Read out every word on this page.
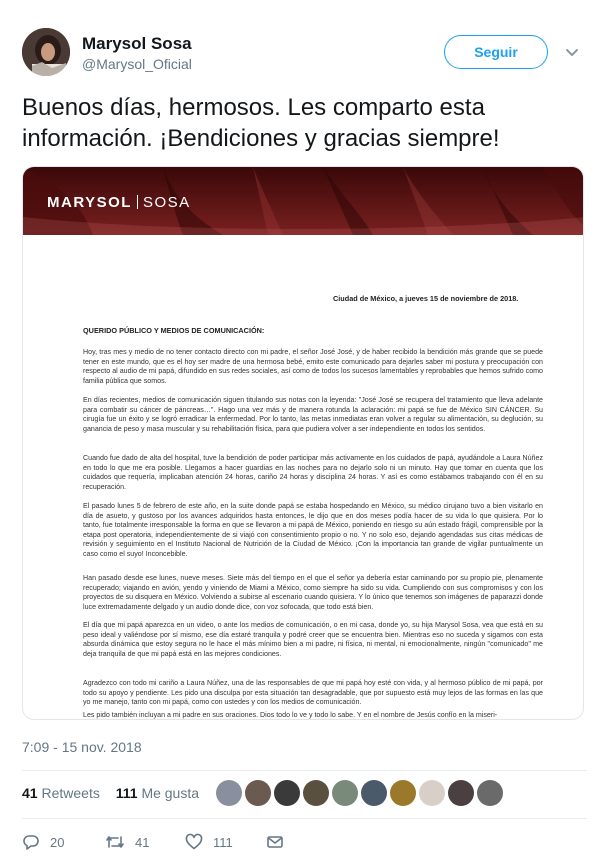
Marysol Sosa
@Marysol_Oficial
Seguir
Buenos días, hermosos. Les comparto esta información. ¡Bendiciones y gracias siempre!
MARYSOL SOSA
Ciudad de México, a jueves 15 de noviembre de 2018.
QUERIDO PÚBLICO Y MEDIOS DE COMUNICACIÓN:
Hoy, tras mes y medio de no tener contacto directo con mi padre, el señor José José, y de haber recibido la bendición más grande que se puede tener en este mundo, que es el hoy ser madre de una hermosa bebé, emito este comunicado para dejarles saber mi postura y preocupación con respecto al audio de mi papá, difundido en sus redes sociales, así como de todos los sucesos lamentables y reprobables que hemos sufrido como familia pública que somos.
En días recientes, medios de comunicación siguen titulando sus notas con la leyenda: "José José se recupera del tratamiento que lleva adelante para combatir su cáncer de páncreas…". Hago una vez más y de manera rotunda la aclaración: mi papá se fue de México SIN CÁNCER. Su cirugía fue un éxito y se logró erradicar la enfermedad. Por lo tanto, las metas inmediatas eran volver a regular su alimentación, su deglución, su ganancia de peso y masa muscular y su rehabilitación física, para que pudiera volver a ser independiente en todos los sentidos.
Cuando fue dado de alta del hospital, tuve la bendición de poder participar más activamente en los cuidados de papá, ayudándole a Laura Núñez en todo lo que me era posible. Llegamos a hacer guardias en las noches para no dejarlo solo ni un minuto. Hay que tomar en cuenta que los cuidados que requería, implicaban atención 24 horas, cariño 24 horas y disciplina 24 horas. Y así es como estábamos trabajando con él en su recuperación.
El pasado lunes 5 de febrero de este año, en la suite donde papá se estaba hospedando en México, su médico cirujano tuvo a bien visitarlo en día de asueto, y gustoso por los avances adquiridos hasta entonces, le dijo que en dos meses podía hacer de su vida lo que quisiera. Por lo tanto, fue totalmente irresponsable la forma en que se llevaron a mi papá de México, poniendo en riesgo su aún estado frágil, comprensible por la etapa post operatoria, independientemente de si viajó con consentimiento propio o no. Y no solo eso, dejando agendadas sus citas médicas de revisión y seguimiento en el Instituto Nacional de Nutrición de la Ciudad de México. ¡Con la importancia tan grande de vigilar puntualmente un caso como el suyo! Inconcebible.
Han pasado desde ese lunes, nueve meses. Siete más del tiempo en el que el señor ya debería estar caminando por su propio pie, plenamente recuperado; viajando en avión, yendo y viniendo de Miami a México, como siempre ha sido su vida. Cumpliendo con sus compromisos y con los proyectos de su disquera en México. Volviendo a subirse al escenario cuando quisiera. Y lo único que tenemos son imágenes de paparazzi donde luce extremadamente delgado y un audio donde dice, con voz sofocada, que todo está bien.
El día que mi papá aparezca en un video, o ante los medios de comunicación, o en mi casa, donde yo, su hija Marysol Sosa, vea que está en su peso ideal y valiéndose por sí mismo, ese día estaré tranquila y podré creer que se encuentra bien. Mientras eso no suceda y sigamos con esta absurda dinámica que estoy segura no le hace el más mínimo bien a mi padre, ni física, ni mental, ni emocionalmente, ningún "comunicado" me deja tranquila de que mi papá está en las mejores condiciones.
Agradezco con todo mi cariño a Laura Núñez, una de las responsables de que mi papá hoy esté con vida, y al hermoso público de mi papá, por todo su apoyo y pendiente. Les pido una disculpa por esta situación tan desagradable, que por supuesto está muy lejos de las formas en las que yo me manejo, tanto con mi papá, como con ustedes y con los medios de comunicación.
Les pido también incluyan a mi padre en sus oraciones. Dios todo lo ve y todo lo sabe. Y en el nombre de Jesús confío en la miseri-
7:09 - 15 nov. 2018
41 Retweets 111 Me gusta
20	41	111
